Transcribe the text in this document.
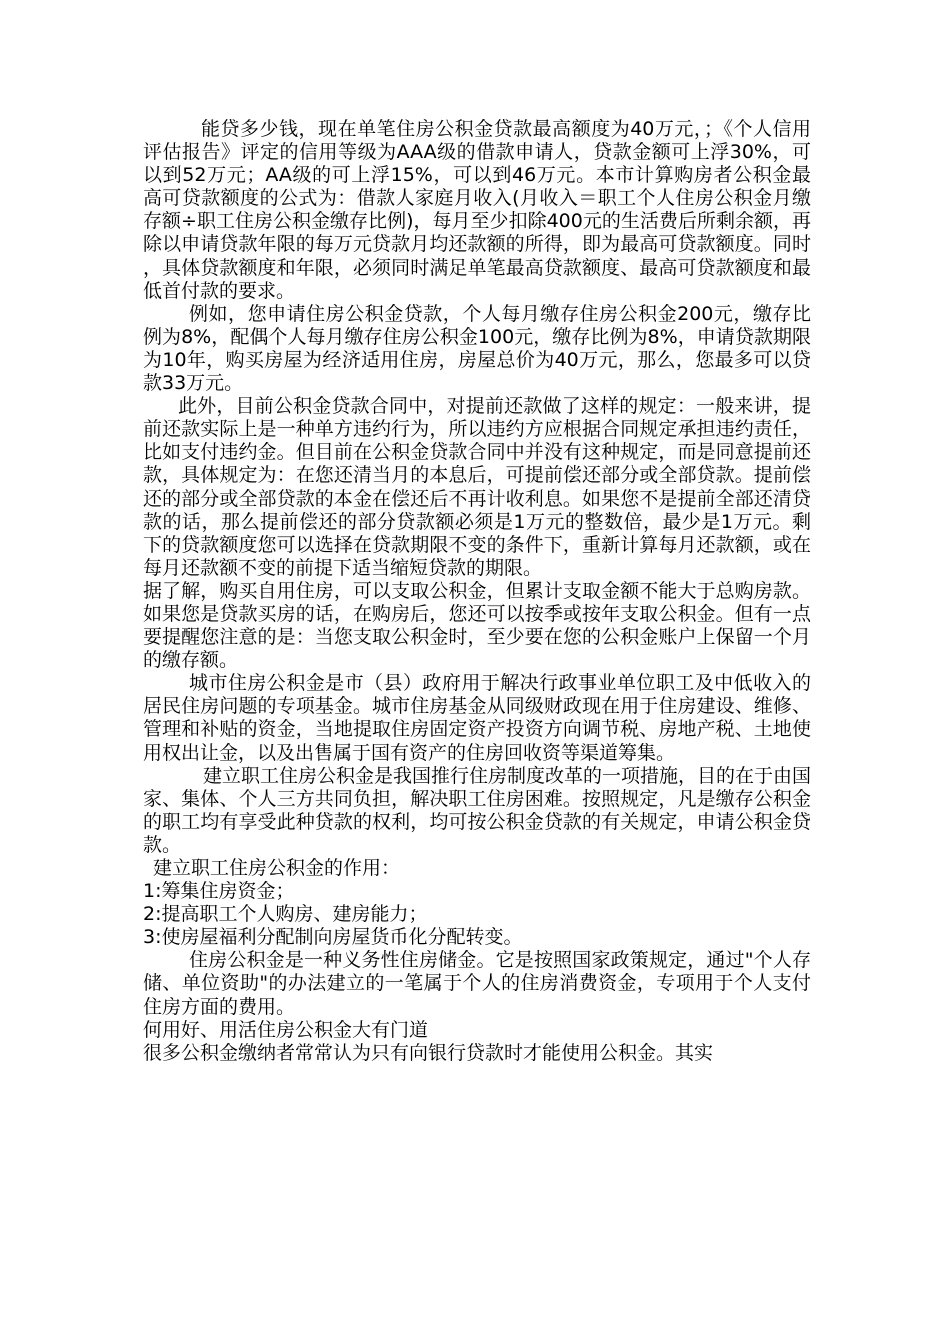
能贷多少钱，现在单笔住房公积金贷款最高额度为40万元，；《个人信用评估报告》评定的信用等级为AAA级的借款申请人，贷款金额可上浮30%，可以到52万元；AA级的可上浮15%，可以到46万元。本市计算购房者公积金最高可贷款额度的公式为：借款人家庭月收入(月收入＝职工个人住房公积金月缴存额÷职工住房公积金缴存比例)，每月至少扣除400元的生活费后所剩余额，再除以申请贷款年限的每万元贷款月均还款额的所得，即为最高可贷款额度。同时，具体贷款额度和年限，必须同时满足单笔最高贷款额度、最高可贷款额度和最低首付款的要求。

例如，您申请住房公积金贷款，个人每月缴存住房公积金200元，缴存比例为8%，配偶个人每月缴存住房公积金100元，缴存比例为8%，申请贷款期限为10年，购买房屋为经济适用住房，房屋总价为40万元，那么，您最多可以贷款33万元。

此外，目前公积金贷款合同中，对提前还款做了这样的规定：一般来讲，提前还款实际上是一种单方违约行为，所以违约方应根据合同规定承担违约责任，比如支付违约金。但目前在公积金贷款合同中并没有这种规定，而是同意提前还款，具体规定为：在您还清当月的本息后，可提前偿还部分或全部贷款。提前偿还的部分或全部贷款的本金在偿还后不再计收利息。如果您不是提前全部还清贷款的话，那么提前偿还的部分贷款额必须是1万元的整数倍，最少是1万元。剩下的贷款额度您可以选择在贷款期限不变的条件下，重新计算每月还款额，或在每月还款额不变的前提下适当缩短贷款的期限。

据了解，购买自用住房，可以支取公积金，但累计支取金额不能大于总购房款。如果您是贷款买房的话，在购房后，您还可以按季或按年支取公积金。但有一点要提醒您注意的是：当您支取公积金时，至少要在您的公积金账户上保留一个月的缴存额。

城市住房公积金是市（县）政府用于解决行政事业单位职工及中低收入的居民住房问题的专项基金。城市住房基金从同级财政现在用于住房建设、维修、管理和补贴的资金，当地提取住房固定资产投资方向调节税、房地产税、土地使用权出让金，以及出售属于国有资产的住房回收资等渠道筹集。

建立职工住房公积金是我国推行住房制度改革的一项措施，目的在于由国家、集体、个人三方共同负担，解决职工住房困难。按照规定，凡是缴存公积金的职工均有享受此种贷款的权利，均可按公积金贷款的有关规定，申请公积金贷款。

建立职工住房公积金的作用：

1:筹集住房资金；

2:提高职工个人购房、建房能力；

3:使房屋福利分配制向房屋货币化分配转变。

住房公积金是一种义务性住房储金。它是按照国家政策规定，通过"个人存储、单位资助"的办法建立的一笔属于个人的住房消费资金，专项用于个人支付住房方面的费用。

何用好、用活住房公积金大有门道

很多公积金缴纳者常常认为只有向银行贷款时才能使用公积金。其实
